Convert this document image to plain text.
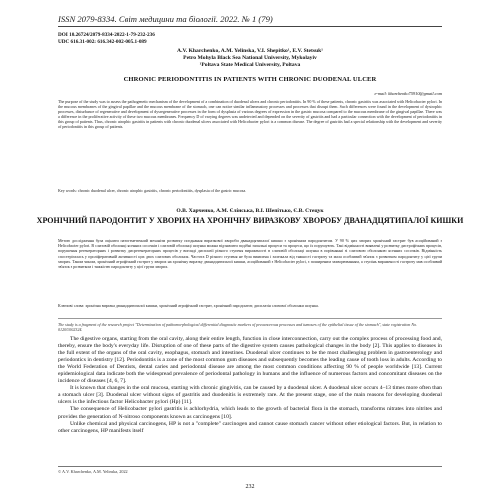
ISSN 2079-8334. Світ медицини та біології. 2022. № 1 (79)
DOI 10.26724/2079-8334-2022-1-79-232-236
UDC 616.31-002: 616.342-002-005.1-089
A.V. Kharchenko, A.M. Yelinska, V.I. Shepitko¹, E.V. Stetsuk¹
Petro Mohyla Black Sea National University, Mykolayiv
¹Poltava State Medical University, Poltava
CHRONIC PERIODONTITIS IN PATIENTS WITH CHRONIC DUODENAL ULCER
e-mail: kharchenko75910@gmail.com
The purpose of the study was to assess the pathogenetic mechanism of the development of a combination of duodenal ulcers and chronic periodontitis. In 90 % of these patients, chronic gastritis was associated with Helicobacter pylori. In the mucous membranes of the gingival papillae and the mucous membrane of the stomach, one can notice similar inflammatory processes and processes that disrupt them. Such differences were found in the development of dystrophic processes, disturbance of regenerative and development of dysregenerative processes in the form of dysplasia of various degrees of expression in the gastric mucosa compared to the mucous membrane of the gingival papillae. There was a difference in the proliferative activity of these two mucous membranes. Frequency D of varying degrees was undetected and depended on the severity of gastritis and had a particular connection with the development of periodontitis in this group of patients. Thus, chronic atrophic gastritis in patients with chronic duodenal ulcers associated with Helicobacter pylori is a common disease. The degree of gastritis had a special relationship with the development and severity of periodontitis in this group of patients.
Key words: chronic duodenal ulcer, chronic atrophic gastritis, chronic periodontitis, dysplasia of the gastric mucosa.
О.В. Харченко, А.М. Єлінська, В.І. Шепітько, Є.В. Стецук
ХРОНІЧНИЙ ПАРОДОНТИТ У ХВОРИХ НА ХРОНІЧНУ ВИРАЗКОВУ ХВОРОБУ ДВАНАДЦЯТИПАЛОЇ КИШКИ
Метою дослідження була оцінити патогенетичний механізм розвитку поєднання виразкової хвороби дванадцятипалої кишки з хронічним пародонтитом. У 90 % цих хворих хронічний гастрит був асоційований з Helicobacter pylori. В слизовій оболонці ясенних сосочків і слизовій оболонці шлунка можна відзначити подібні запальні процеси та процеси, що їх порушують. Такі відмінності виявлені у розвитку дистрофічних процесів, порушення регенераторних і розвитку дисрегенераторних процесів у вигляді дисплазії різного ступеня вираженості в слизовій оболонці шлунка в порівнянні зі слизовою оболонкою ясенних сосочків. Відмінність спостерігалась у проліферативній активності цих двох слизових оболонок. Частота D різного ступеня не була виявлена і залежала від тяжкості гастриту та мала особливий зв'язок з розвитком пародонтиту у цієї групи хворих. Таким чином, хронічний атрофічний гастрит у хворих на хронічну виразку дванадцятипалої кишки, асоційований з Helicobacter pylori, є поширеним захворюванням, а ступінь вираженості гастриту мав особливий зв'язок з розвитком і тяжкістю пародонтиту у цієї групи хворих.
Ключові слова: хронічна виразка дванадцятипалої кишки, хронічний атрофічний гастрит, хронічний пародонтит, дисплазія слизової оболонки шлунка.
The study is a fragment of the research project "Determination of pathomorphological differential diagnostic markers of precancerous processes and tumours of the epithelial tissue of the stomach", state registration No. 0120U002324.

The digestive organs, starting from the oral cavity, along their entire length, function in close interconnection, carry out the complex process of processing food and, thereby, ensure the body's everyday life. Disruption of one of these parts of the digestive system causes pathological changes in the body [2]. This applies to diseases in the full extent of the organs of the oral cavity, esophagus, stomach and intestines. Duodenal ulcer continues to be the most challenging problem in gastroenterology and periodontics in dentistry [12]. Periodontitis is a zone of the most common gum diseases and subsequently becomes the leading cause of tooth loss in adults. According to the World Federation of Dentists, dental caries and periodontal disease are among the most common conditions affecting 90 % of people worldwide [13]. Current epidemiological data indicate both the widespread prevalence of periodontal pathology in humans and the influence of numerous factors and concomitant diseases on the incidence of diseases [4, 6, 7].

It is known that changes in the oral mucosa, starting with chronic gingivitis, can be caused by a duodenal ulcer. A duodenal ulcer occurs 4–13 times more often than a stomach ulcer [3]. Duodenal ulcer without signs of gastritis and duodenitis is extremely rare. At the present stage, one of the main reasons for developing duodenal ulcers is the infectious factor Helicobacter pylori (Hp) [11].

The consequence of Helicobacter pylori gastritis is achlorhydria, which leads to the growth of bacterial flora in the stomach, transforms nitrates into nitrites and provides the generation of N-nitroso components known as carcinogens [10].

Unlike chemical and physical carcinogens, HP is not a "complete" carcinogen and cannot cause stomach cancer without other etiological factors. But, in relation to other carcinogens, HP manifests itself

© A.V. Kharchenko, A.M. Yelinska, 2022
232
